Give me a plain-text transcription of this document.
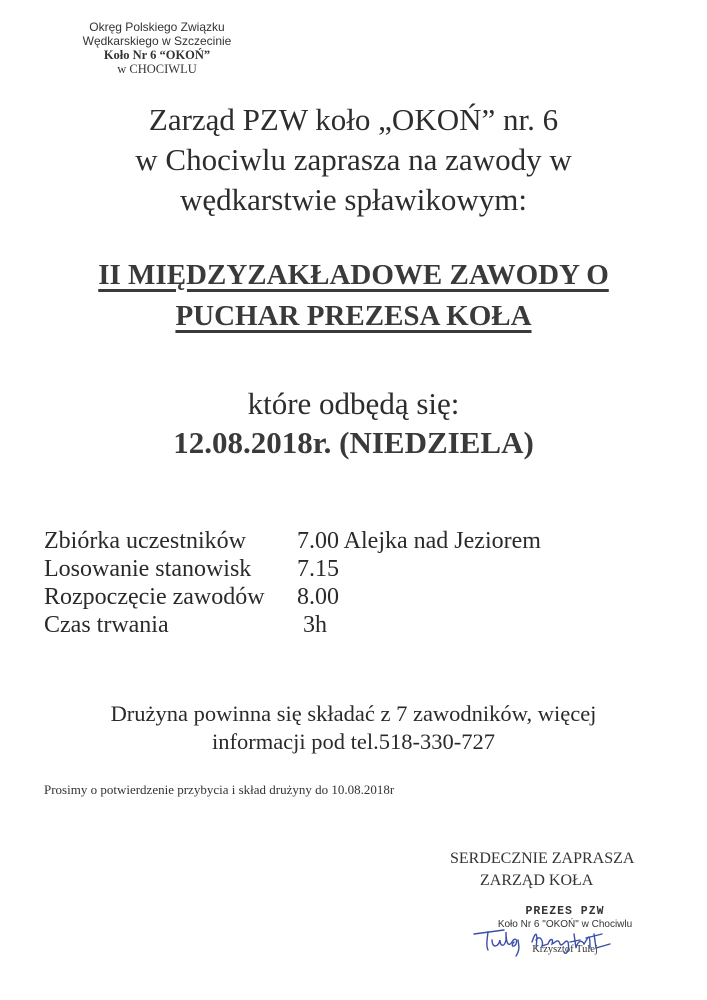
Okręg Polskiego Związku
Wędkarskiego w Szczecinie
Koło Nr 6 “OKOŃ”
w CHOCIWLU
Zarząd PZW koło „OKOŃ” nr. 6
w Chociwlu zaprasza na zawody w
wędkarstwie spławikowym:
II MIĘDZYZAKŁADOWE ZAWODY O
PUCHAR PREZESA KOŁA
które odbędą się:
12.08.2018r. (NIEDZIELA)
Zbiórka uczestników	7.00 Alejka nad Jeziorem
Losowanie stanowisk	7.15
Rozpoczęcie zawodów	8.00
Czas trwania	3h
Drużyna powinna się składać z 7 zawodników, więcej
informacji pod tel.518-330-727
Prosimy o potwierdzenie przybycia i skład drużyny do 10.08.2018r
SERDECZNIE ZAPRASZA
ZARZĄD KOŁA
PREZES PZW
Koło Nr 6 "OKOŃ" w Chociwlu
Krzysztof Tulej
